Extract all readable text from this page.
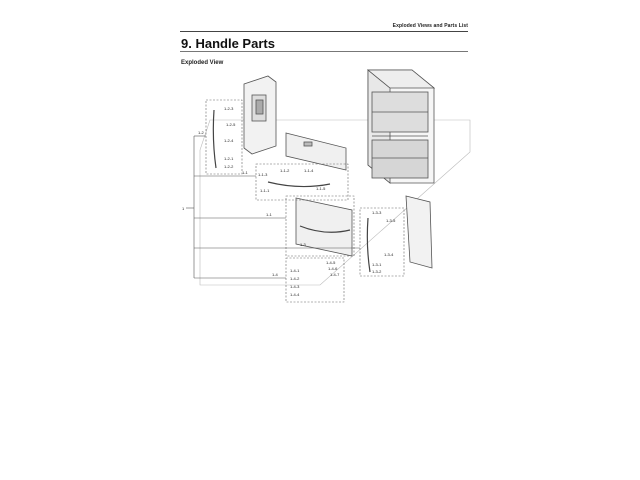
Exploded Views and Parts List
9. Handle Parts
Exploded View
1
1-2
1-1
1-1
1-3
1-4
1-2-3
1-2-5
1-2-4
1-2-1
1-2-2
1-1-3
1-1-2	1-1-4
1-1-1	1-1-5
1-3-3
1-3-5
1-3-4
1-3-1
1-3-2
1-4-1
1-4-2
1-4-3
1-4-4
1-4-5
1-4-6
1-4-7
